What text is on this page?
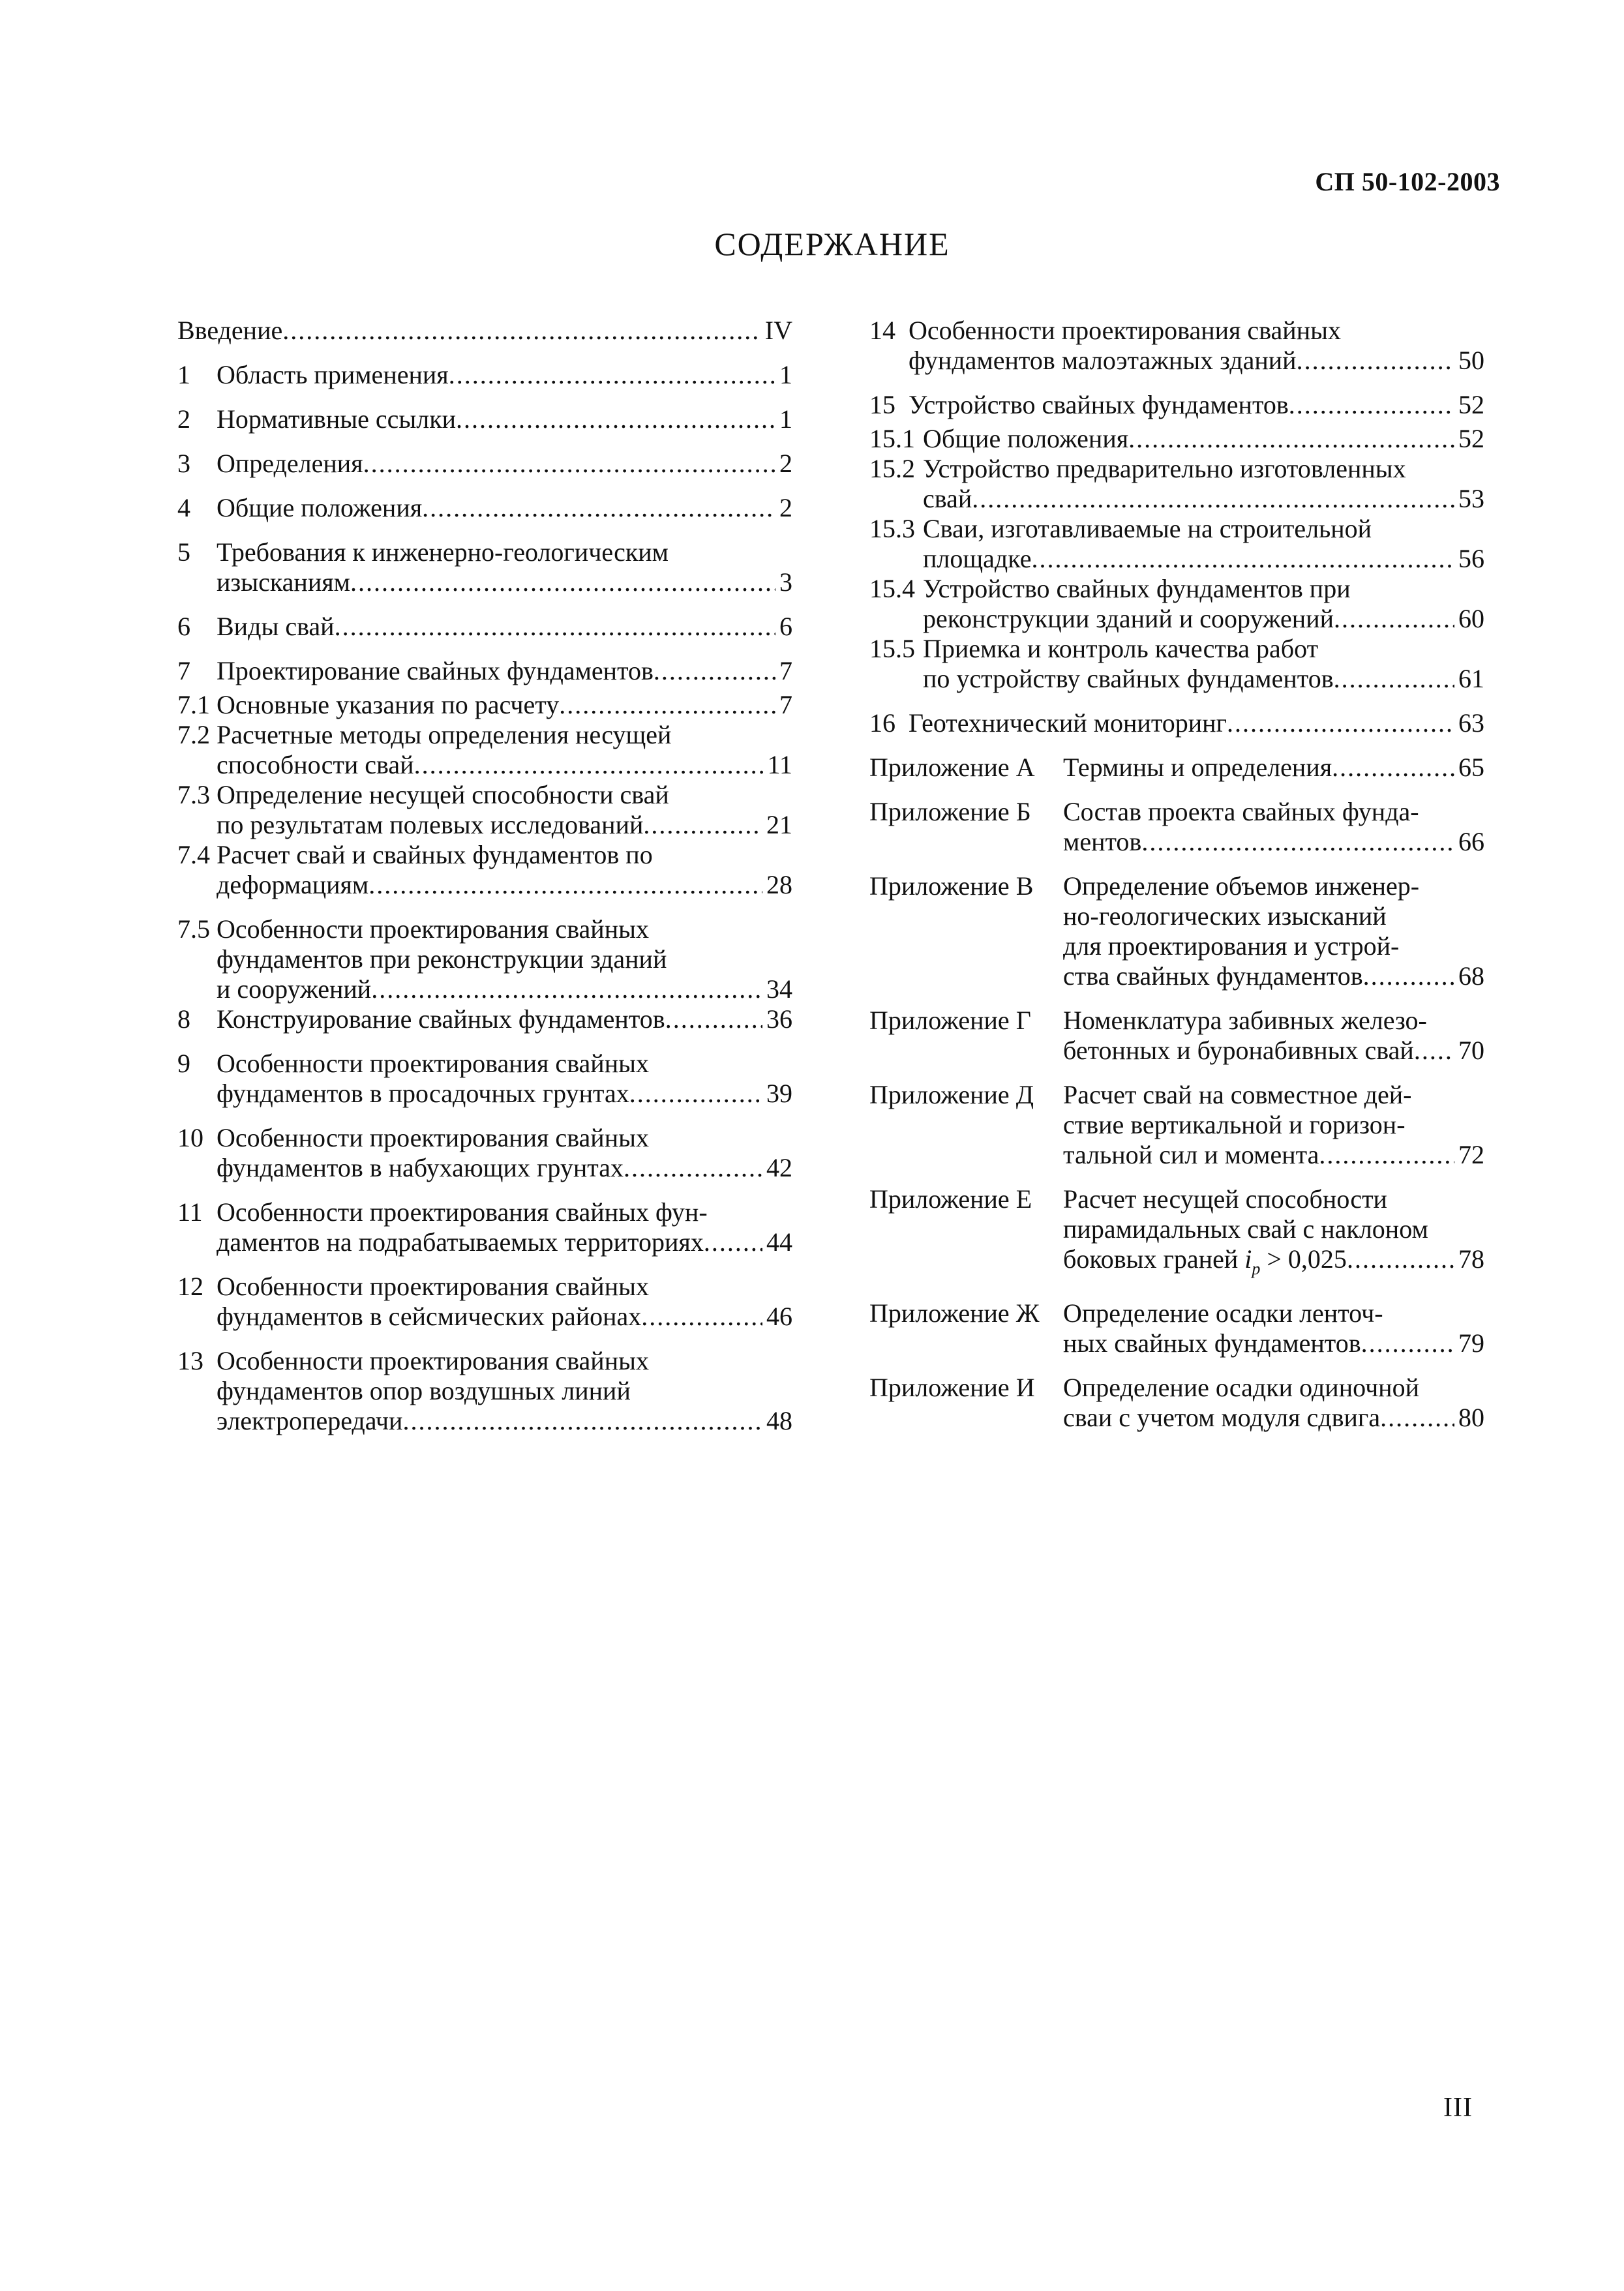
СП 50-102-2003
СОДЕРЖАНИЕ
Введение .....	IV
1	Область применения .....	1
2	Нормативные ссылки .....	1
3	Определения .....	2
4	Общие положения .....	2
5	Требования к инженерно-геологическим
изысканиям .....	3
6	Виды свай .....	6
7	Проектирование свайных фундаментов .....	7
7.1 Основные указания по расчету .....	7
7.2 Расчетные методы определения несущей
способности свай .....	11
7.3 Определение несущей способности свай
по результатам полевых исследований .....	21
7.4 Расчет свай и свайных фундаментов по
деформациям .....	28
7.5 Особенности проектирования свайных
фундаментов при реконструкции зданий
и сооружений .....	34
8	Конструирование свайных фундаментов .....	36
9	Особенности проектирования свайных
фундаментов в просадочных грунтах .....	39
10 Особенности проектирования свайных
фундаментов в набухающих грунтах .....	42
11 Особенности проектирования свайных фун-
даментов на подрабатываемых территориях ..... 44
12 Особенности проектирования свайных
фундаментов в сейсмических районах .....	46
13 Особенности проектирования свайных
фундаментов опор воздушных линий
электропередачи .....	48
14 Особенности проектирования свайных
фундаментов малоэтажных зданий .....	50
15 Устройство свайных фундаментов .....	52
15.1 Общие положения .....	52
15.2 Устройство предварительно изготовленных
свай .....	53
15.3 Сваи, изготавливаемые на строительной
площадке .....	56
15.4 Устройство свайных фундаментов при
реконструкции зданий и сооружений .....	60
15.5 Приемка и контроль качества работ
по устройству свайных фундаментов .....	61
16 Геотехнический мониторинг .....	63
Приложение А	Термины и определения .....	65
Приложение Б	Состав проекта свайных фунда-
ментов .....	66
Приложение В	Определение объемов инженер-
но-геологических изысканий
для проектирования и устрой-
ства свайных фундаментов .....	68
Приложение Г	Номенклатура забивных железо-
бетонных и буронабивных свай ..... 70
Приложение Д	Расчет свай на совместное дей-
ствие вертикальной и горизон-
тальной сил и момента .....	72
Приложение Е	Расчет несущей способности
пирамидальных свай с наклоном
боковых граней $i_p > 0,025$ .....	78
Приложение Ж Определение осадки ленточ-
ных свайных фундаментов .....	79
Приложение И	Определение осадки одиночной
сваи с учетом модуля сдвига .....	80
III
